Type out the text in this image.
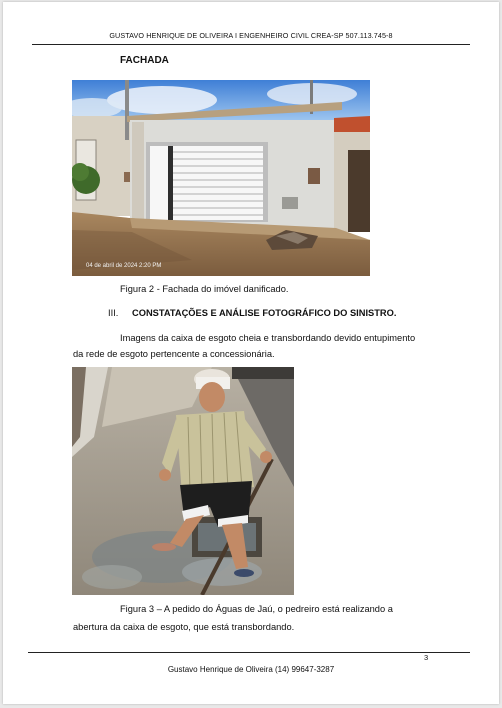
GUSTAVO HENRIQUE DE OLIVEIRA I ENGENHEIRO CIVIL CREA-SP 507.113.745-8
FACHADA
04 de abril de 2024 2:20 PM
Figura 2 - Fachada do imóvel danificado.
III. CONSTATAÇÕES E ANÁLISE FOTOGRÁFICO DO SINISTRO.
Imagens da caixa de esgoto cheia e transbordando devido entupimento
da rede de esgoto pertencente a concessionária.
Figura 3 – A pedido do Águas de Jaú, o pedreiro está realizando a
abertura da caixa de esgoto, que está transbordando.
3
Gustavo Henrique de Oliveira (14) 99647-3287
